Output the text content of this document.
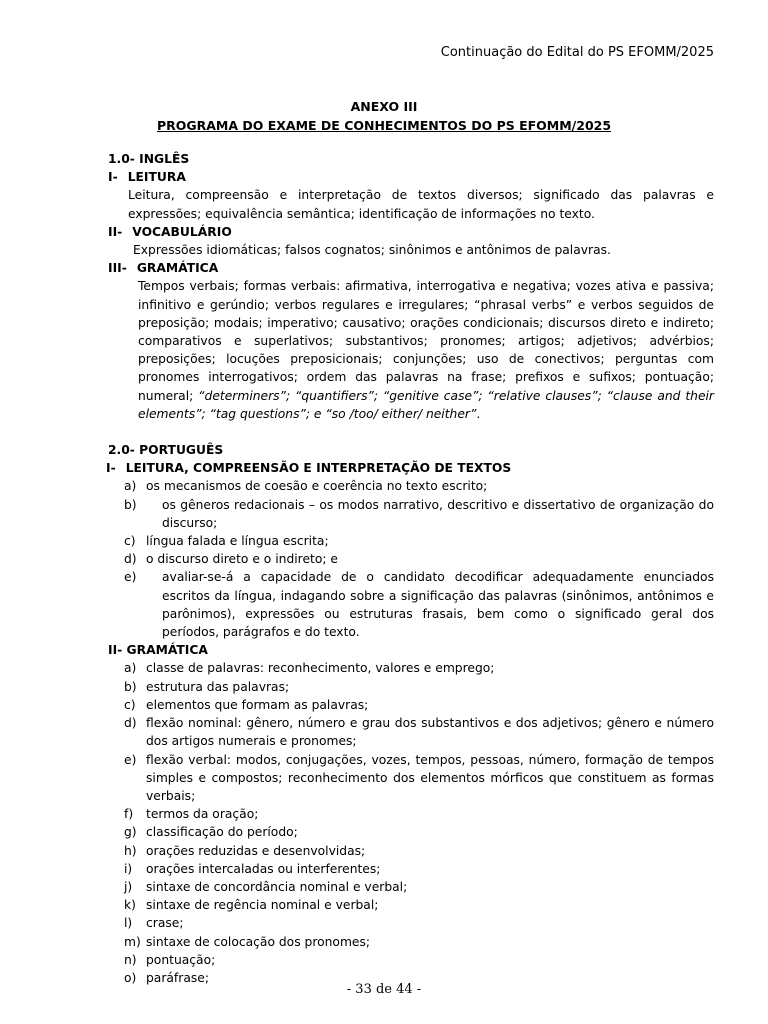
Continuação do Edital do PS EFOMM/2025
ANEXO III
PROGRAMA DO EXAME DE CONHECIMENTOS DO PS EFOMM/2025
1.0- INGLÊS
I- LEITURA
Leitura, compreensão e interpretação de textos diversos; significado das palavras e expressões; equivalência semântica; identificação de informações no texto.
II- VOCABULÁRIO
Expressões idiomáticas; falsos cognatos; sinônimos e antônimos de palavras.
III- GRAMÁTICA
Tempos verbais; formas verbais: afirmativa, interrogativa e negativa; vozes ativa e passiva; infinitivo e gerúndio; verbos regulares e irregulares; “phrasal verbs” e verbos seguidos de preposição; modais; imperativo; causativo; orações condicionais; discursos direto e indireto; comparativos e superlativos; substantivos; pronomes; artigos; adjetivos; advérbios; preposições; locuções preposicionais; conjunções; uso de conectivos; perguntas com pronomes interrogativos; ordem das palavras na frase; prefixos e sufixos; pontuação; numeral; “determiners”; “quantifiers”; “genitive case”; “relative clauses”; “clause and their elements”; “tag questions”; e “so /too/ either/ neither”.
2.0- PORTUGUÊS
I- LEITURA, COMPREENSÃO E INTERPRETAÇÃO DE TEXTOS
a) os mecanismos de coesão e coerência no texto escrito;
b)	os gêneros redacionais – os modos narrativo, descritivo e dissertativo de organização do discurso;
c) língua falada e língua escrita;
d) o discurso direto e o indireto; e
e)	avaliar-se-á a capacidade de o candidato decodificar adequadamente enunciados escritos da língua, indagando sobre a significação das palavras (sinônimos, antônimos e parônimos), expressões ou estruturas frasais, bem como o significado geral dos períodos, parágrafos e do texto.
II- GRAMÁTICA
a) classe de palavras: reconhecimento, valores e emprego;
b) estrutura das palavras;
c) elementos que formam as palavras;
d) flexão nominal: gênero, número e grau dos substantivos e dos adjetivos; gênero e número dos artigos numerais e pronomes;
e) flexão verbal: modos, conjugações, vozes, tempos, pessoas, número, formação de tempos simples e compostos; reconhecimento dos elementos mórficos que constituem as formas verbais;
f)	termos da oração;
g) classificação do período;
h) orações reduzidas e desenvolvidas;
i)	orações intercaladas ou interferentes;
j)	sintaxe de concordância nominal e verbal;
k) sintaxe de regência nominal e verbal;
l)	crase;
m) sintaxe de colocação dos pronomes;
n) pontuação;
o) paráfrase;
- 33 de 44 -
